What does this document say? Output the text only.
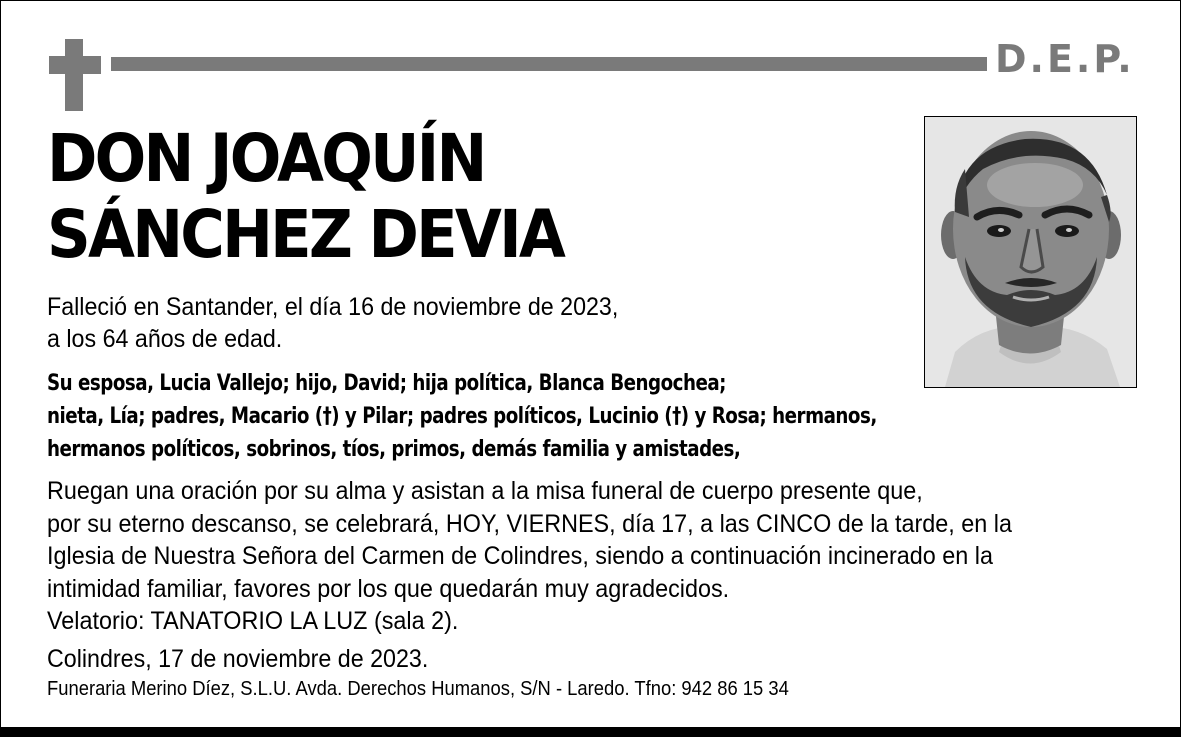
D.E.P.
DON JOAQUÍN
SÁNCHEZ DEVIA
Falleció en Santander, el día 16 de noviembre de 2023,
a los 64 años de edad.
Su esposa, Lucia Vallejo; hijo, David; hija política, Blanca Bengochea;
nieta, Lía; padres, Macario (†) y Pilar; padres políticos, Lucinio (†) y Rosa; hermanos,
hermanos políticos, sobrinos, tíos, primos, demás familia y amistades,
Ruegan una oración por su alma y asistan a la misa funeral de cuerpo presente que,
por su eterno descanso, se celebrará, HOY, VIERNES, día 17, a las CINCO de la tarde, en la
Iglesia de Nuestra Señora del Carmen de Colindres, siendo a continuación incinerado en la
intimidad familiar, favores por los que quedarán muy agradecidos.
Velatorio: TANATORIO LA LUZ (sala 2).
Colindres, 17 de noviembre de 2023.
Funeraria Merino Díez, S.L.U. Avda. Derechos Humanos, S/N - Laredo. Tfno: 942 86 15 34
